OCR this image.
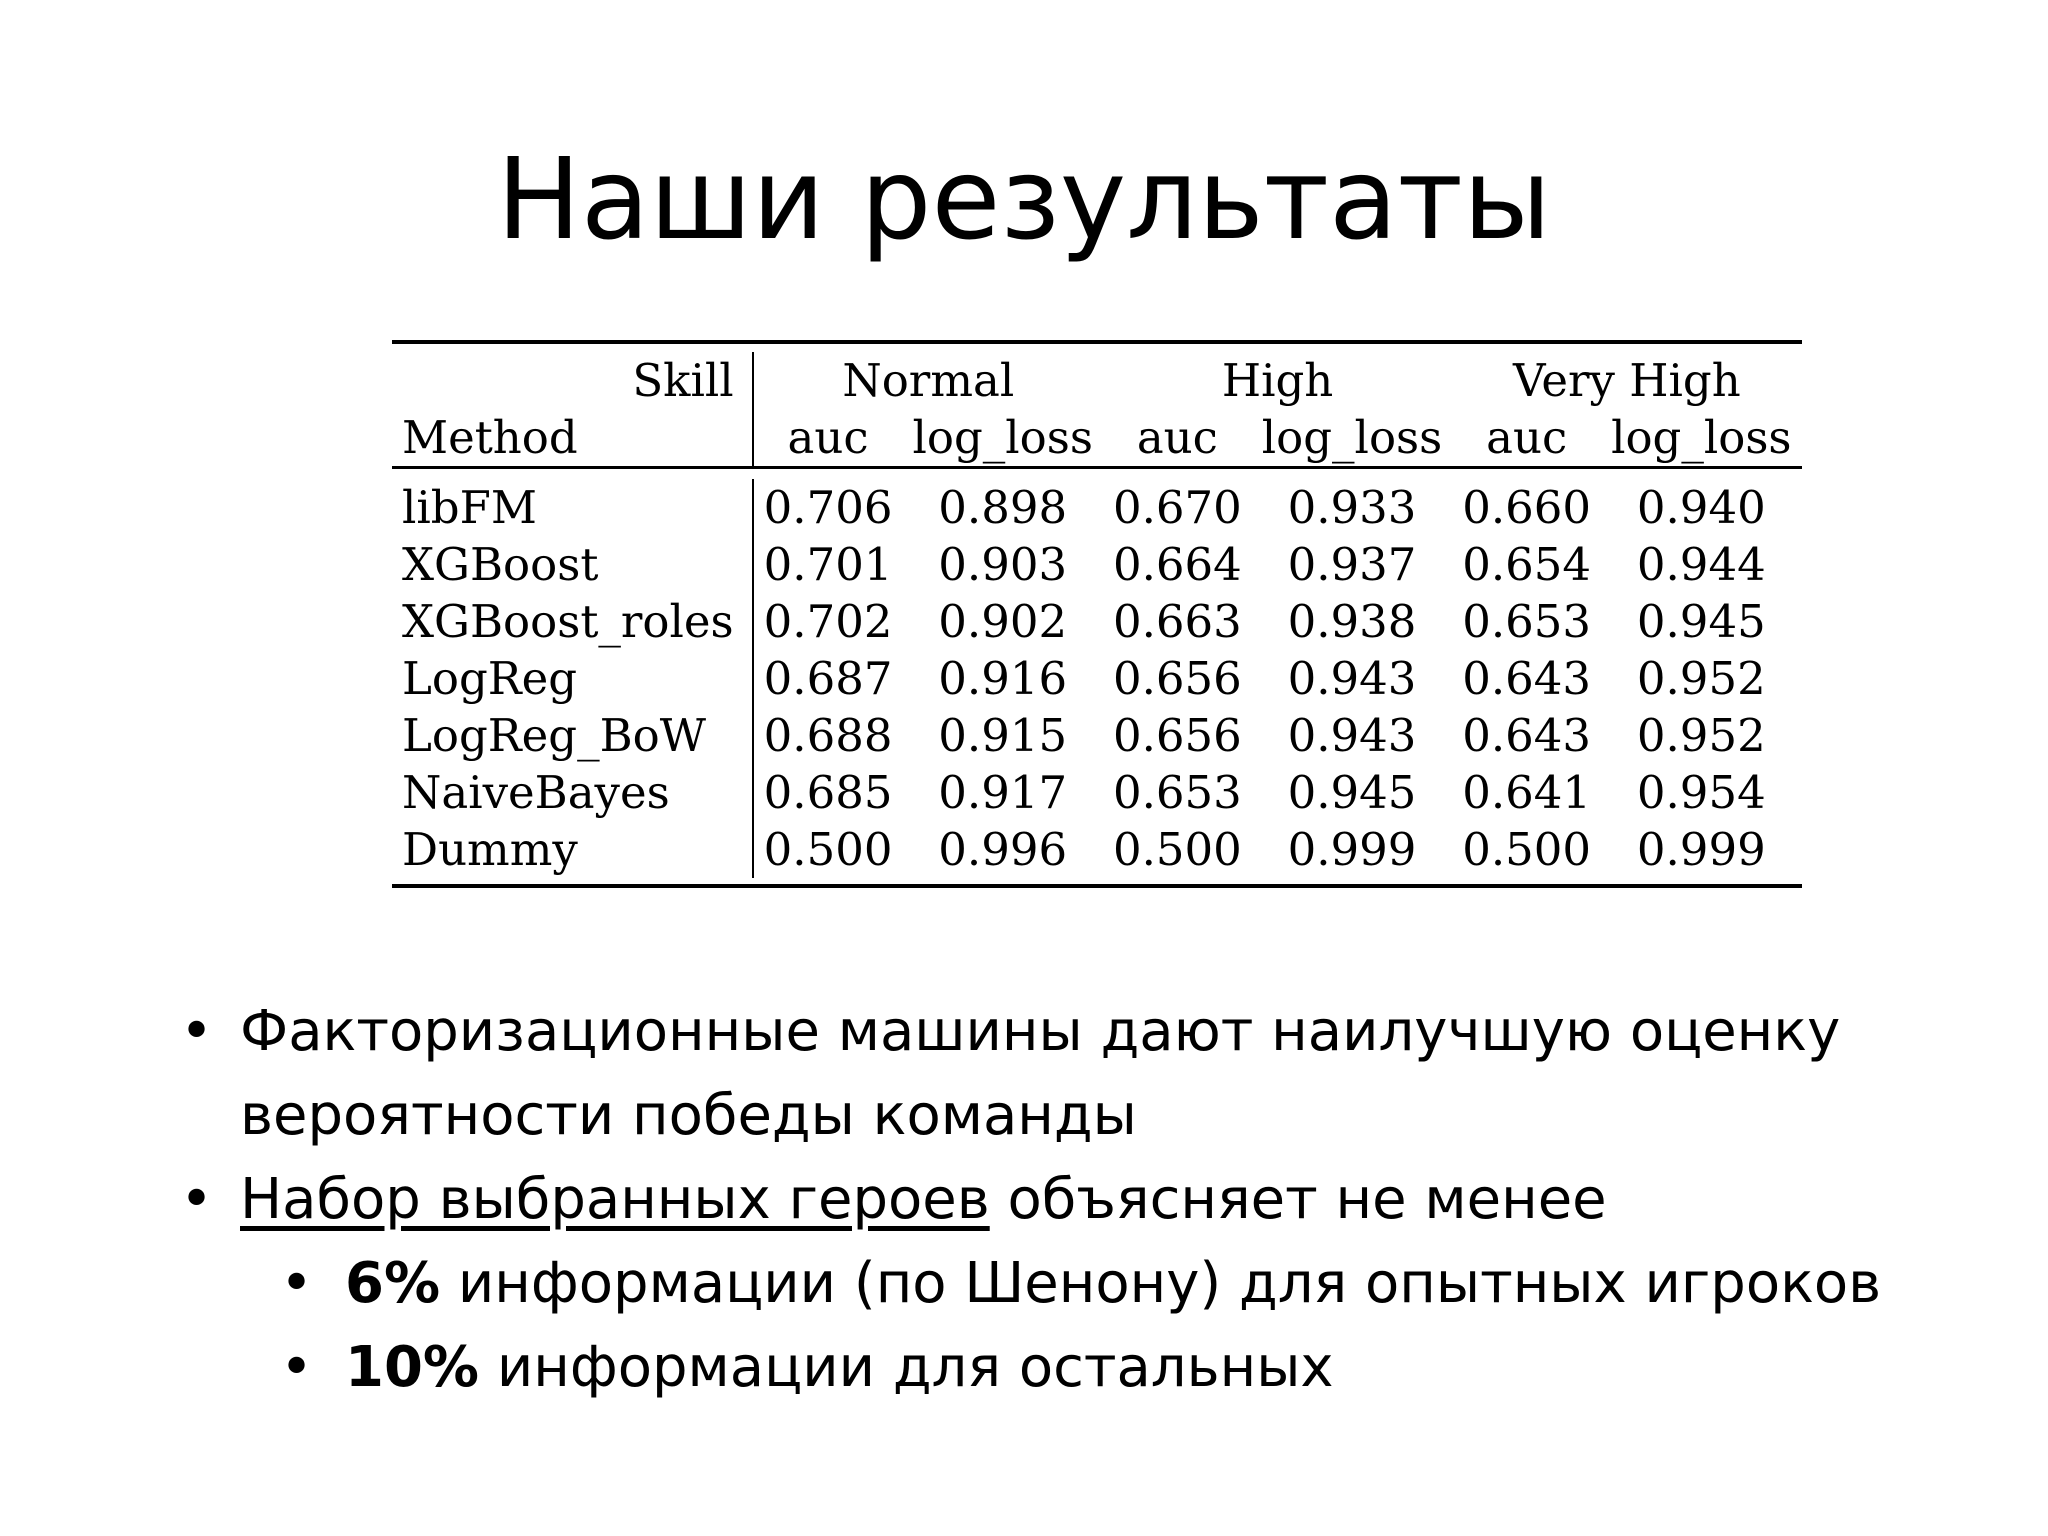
Наши результаты

Skill	Normal		High		Very High	
Method	auc	log_loss	auc	log_loss	auc	log_loss

libFM	0.706	0.898	0.670	0.933	0.660	0.940
XGBoost	0.701	0.903	0.664	0.937	0.654	0.944
XGBoost_roles	0.702	0.902	0.663	0.938	0.653	0.945
LogReg	0.687	0.916	0.656	0.943	0.643	0.952
LogReg_BoW	0.688	0.915	0.656	0.943	0.643	0.952
NaiveBayes	0.685	0.917	0.653	0.945	0.641	0.954
Dummy	0.500	0.996	0.500	0.999	0.500	0.999

• Факторизационные машины дают наилучшую оценку
вероятности победы команды
• Набор выбранных героев объясняет не менее
• 6% информации (по Шенону) для опытных игроков
• 10% информации для остальных
